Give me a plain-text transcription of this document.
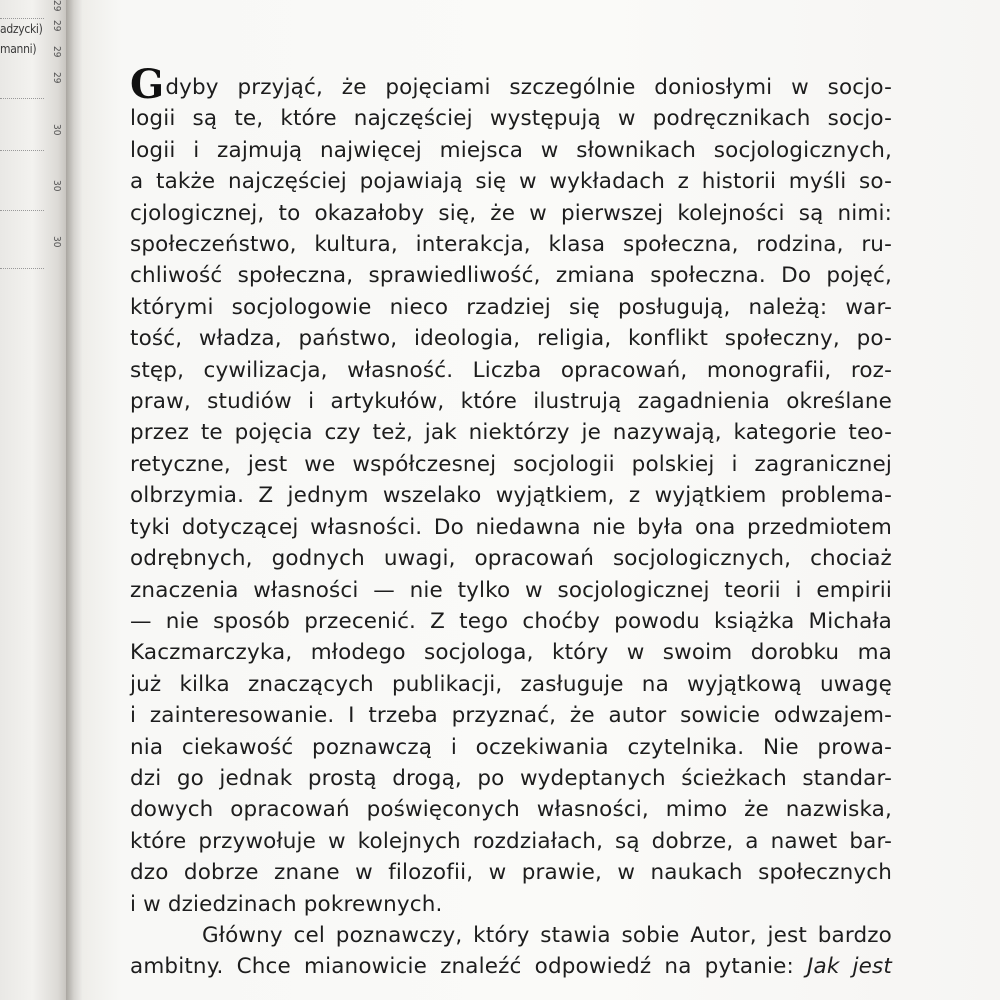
adzycki)
manni)
29
29
29
29
30
30
30
Gdyby przyjąć, że pojęciami szczególnie doniosłymi w socjo-
logii są te, które najczęściej występują w podręcznikach socjo-
logii i zajmują najwięcej miejsca w słownikach socjologicznych,
a także najczęściej pojawiają się w wykładach z historii myśli so-
cjologicznej, to okazałoby się, że w pierwszej kolejności są nimi:
społeczeństwo, kultura, interakcja, klasa społeczna, rodzina, ru-
chliwość społeczna, sprawiedliwość, zmiana społeczna. Do pojęć,
którymi socjologowie nieco rzadziej się posługują, należą: war-
tość, władza, państwo, ideologia, religia, konflikt społeczny, po-
stęp, cywilizacja, własność. Liczba opracowań, monografii, roz-
praw, studiów i artykułów, które ilustrują zagadnienia określane
przez te pojęcia czy też, jak niektórzy je nazywają, kategorie teo-
retyczne, jest we współczesnej socjologii polskiej i zagranicznej
olbrzymia. Z jednym wszelako wyjątkiem, z wyjątkiem problema-
tyki dotyczącej własności. Do niedawna nie była ona przedmiotem
odrębnych, godnych uwagi, opracowań socjologicznych, chociaż
znaczenia własności — nie tylko w socjologicznej teorii i empirii
— nie sposób przecenić. Z tego choćby powodu książka Michała
Kaczmarczyka, młodego socjologa, który w swoim dorobku ma
już kilka znaczących publikacji, zasługuje na wyjątkową uwagę
i zainteresowanie. I trzeba przyznać, że autor sowicie odwzajem-
nia ciekawość poznawczą i oczekiwania czytelnika. Nie prowa-
dzi go jednak prostą drogą, po wydeptanych ścieżkach standar-
dowych opracowań poświęconych własności, mimo że nazwiska,
które przywołuje w kolejnych rozdziałach, są dobrze, a nawet bar-
dzo dobrze znane w filozofii, w prawie, w naukach społecznych
i w dziedzinach pokrewnych.
Główny cel poznawczy, który stawia sobie Autor, jest bardzo
ambitny. Chce mianowicie znaleźć odpowiedź na pytanie: Jak jest
